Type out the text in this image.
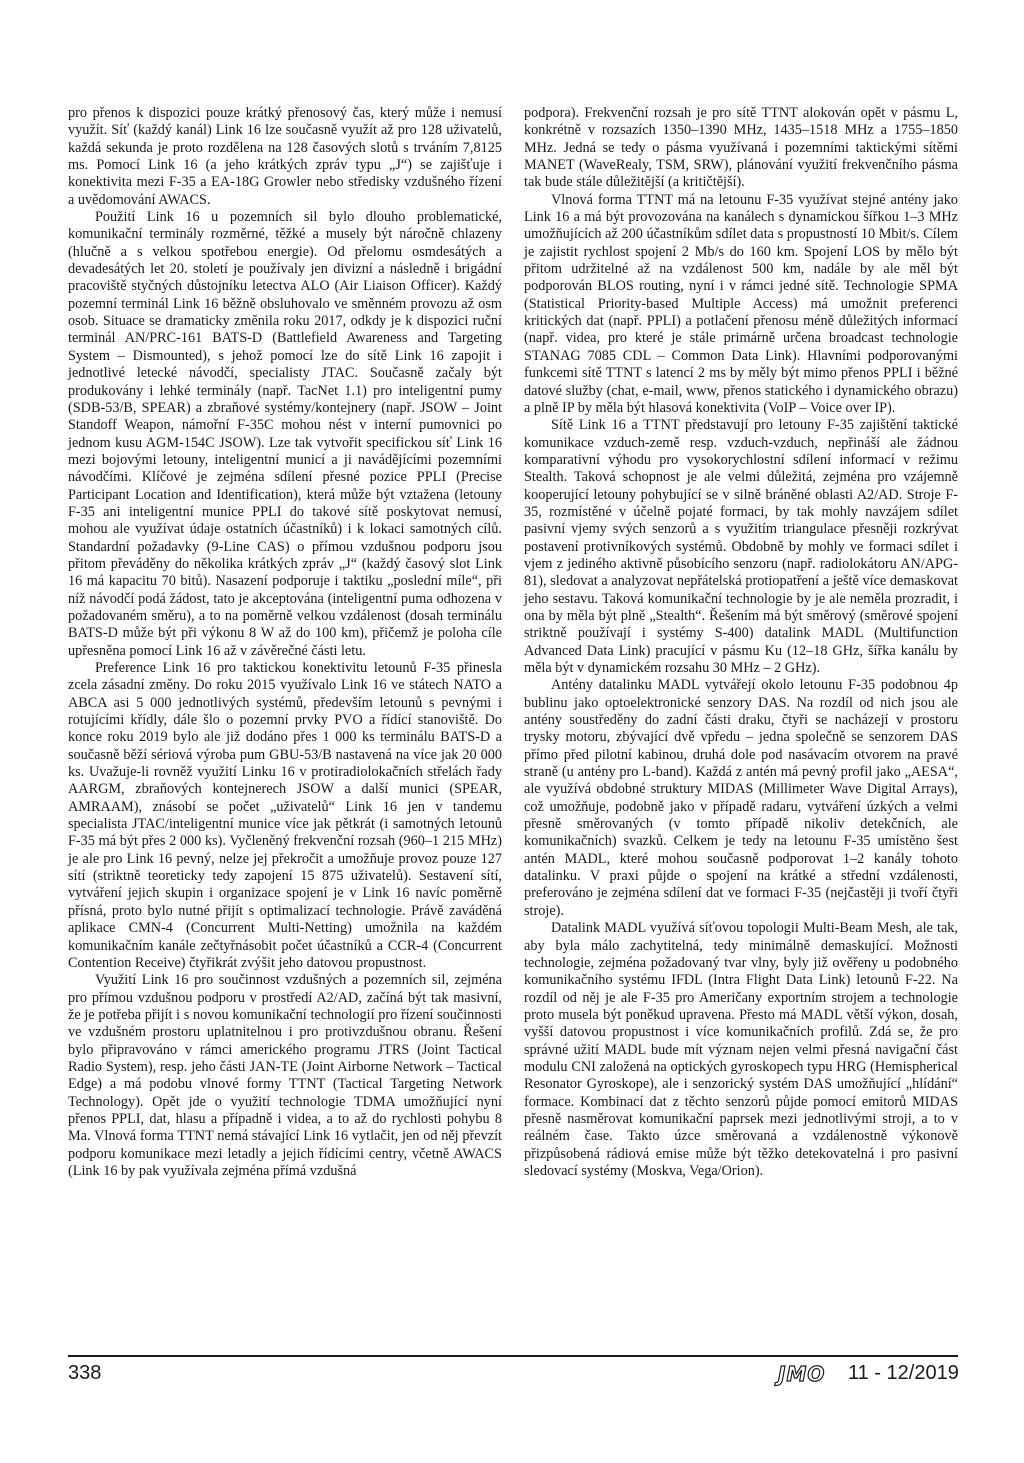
pro přenos k dispozici pouze krátký přenosový čas, který může i nemusí využít. Síť (každý kanál) Link 16 lze současně využít až pro 128 uživatelů, každá sekunda je proto rozdělena na 128 časových slotů s trváním 7,8125 ms. Pomocí Link 16 (a jeho krátkých zpráv typu „J“) se zajišťuje i konektivita mezi F-35 a EA-18G Growler nebo středisky vzdušného řízení a uvědomování AWACS.

Použití Link 16 u pozemních sil bylo dlouho problematické, komunikační terminály rozměrné, těžké a musely být náročně chlazeny (hlučně a s velkou spotřebou energie). Od přelomu osmdesátých a devadesátých let 20. století je používaly jen divizní a následně i brigádní pracoviště styčných důstojníku letectva ALO (Air Liaison Officer). Každý pozemní terminál Link 16 běžně obsluhovalo ve směnném provozu až osm osob. Situace se dramaticky změnila roku 2017, odkdy je k dispozici ruční terminál AN/PRC-161 BATS-D (Battlefield Awareness and Targeting System – Dismounted), s jehož pomocí lze do sítě Link 16 zapojit i jednotlivé letecké návodčí, specialisty JTAC. Současně začaly být produkovány i lehké terminály (např. TacNet 1.1) pro inteligentní pumy (SDB-53/B, SPEAR) a zbraňové systémy/kontejnery (např. JSOW – Joint Standoff Weapon, námořní F-35C mohou nést v interní pumovnici po jednom kusu AGM-154C JSOW). Lze tak vytvořit specifickou síť Link 16 mezi bojovými letouny, inteligentní municí a ji navádějícími pozemními návodčími. Klíčové je zejména sdílení přesné pozice PPLI (Precise Participant Location and Identification), která může být vztažena (letouny F-35 ani inteligentní munice PPLI do takové sítě poskytovat nemusí, mohou ale využívat údaje ostatních účastníků) i k lokaci samotných cílů. Standardní požadavky (9-Line CAS) o přímou vzdušnou podporu jsou přitom převáděny do několika krátkých zpráv „J“ (každý časový slot Link 16 má kapacitu 70 bitů). Nasazení podporuje i taktiku „poslední míle“, při níž návodčí podá žádost, tato je akceptována (inteligentní puma odhozena v požadovaném směru), a to na poměrně velkou vzdálenost (dosah terminálu BATS-D může být při výkonu 8 W až do 100 km), přičemž je poloha cíle upřesněna pomocí Link 16 až v závěrečné části letu.

Preference Link 16 pro taktickou konektivitu letounů F-35 přinesla zcela zásadní změny. Do roku 2015 využívalo Link 16 ve státech NATO a ABCA asi 5 000 jednotlivých systémů, především letounů s pevnými i rotujícími křídly, dále šlo o pozemní prvky PVO a řídící stanoviště. Do konce roku 2019 bylo ale již dodáno přes 1 000 ks terminálu BATS-D a současně běží sériová výroba pum GBU-53/B nastavená na více jak 20 000 ks. Uvažuje-li rovněž využití Linku 16 v protiradiolokačních střelách řady AARGM, zbraňových kontejnerech JSOW a další munici (SPEAR, AMRAAM), znásobí se počet „uživatelů“ Link 16 jen v tandemu specialista JTAC/inteligentní munice více jak pětkrát (i samotných letounů F-35 má být přes 2 000 ks). Vyčleněný frekvenční rozsah (960–1 215 MHz) je ale pro Link 16 pevný, nelze jej překročit a umožňuje provoz pouze 127 sítí (striktně teoreticky tedy zapojení 15 875 uživatelů). Sestavení sítí, vytváření jejich skupin i organizace spojení je v Link 16 navíc poměrně přísná, proto bylo nutné přijít s optimalizací technologie. Právě zaváděná aplikace CMN-4 (Concurrent Multi-Netting) umožnila na každém komunikačním kanále zečtyřnásobit počet účastníků a CCR-4 (Concurrent Contention Receive) čtyřikrát zvýšit jeho datovou propustnost.

Využití Link 16 pro součinnost vzdušných a pozemních sil, zejména pro přímou vzdušnou podporu v prostředí A2/AD, začíná být tak masivní, že je potřeba přijít i s novou komunikační technologií pro řízení součinnosti ve vzdušném prostoru uplatnitelnou i pro protivzdušnou obranu. Řešení bylo připravováno v rámci amerického programu JTRS (Joint Tactical Radio System), resp. jeho části JAN-TE (Joint Airborne Network – Tactical Edge) a má podobu vlnové formy TTNT (Tactical Targeting Network Technology). Opět jde o využití technologie TDMA umožňující nyní přenos PPLI, dat, hlasu a případně i videa, a to až do rychlosti pohybu 8 Ma. Vlnová forma TTNT nemá stávající Link 16 vytlačit, jen od něj převzít podporu komunikace mezi letadly a jejich řídícími centry, včetně AWACS (Link 16 by pak využívala zejména přímá vzdušná

podpora). Frekvenční rozsah je pro sítě TTNT alokován opět v pásmu L, konkrétně v rozsazích 1350–1390 MHz, 1435–1518 MHz a 1755–1850 MHz. Jedná se tedy o pásma využívaná i pozemními taktickými sítěmi MANET (WaveRealy, TSM, SRW), plánování využití frekvenčního pásma tak bude stále důležitější (a kritičtější).

Vlnová forma TTNT má na letounu F-35 využívat stejné antény jako Link 16 a má být provozována na kanálech s dynamickou šířkou 1–3 MHz umožňujících až 200 účastníkům sdílet data s propustností 10 Mbit/s. Cílem je zajistit rychlost spojení 2 Mb/s do 160 km. Spojení LOS by mělo být přitom udržitelné až na vzdálenost 500 km, nadále by ale měl být podporován BLOS routing, nyní i v rámci jedné sítě. Technologie SPMA (Statistical Priority-based Multiple Access) má umožnit preferenci kritických dat (např. PPLI) a potlačení přenosu méně důležitých informací (např. videa, pro které je stále primárně určena broadcast technologie STANAG 7085 CDL – Common Data Link). Hlavními podporovanými funkcemi sítě TTNT s latencí 2 ms by měly být mimo přenos PPLI i běžné datové služby (chat, e-mail, www, přenos statického i dynamického obrazu) a plně IP by měla být hlasová konektivita (VoIP – Voice over IP).

Sítě Link 16 a TTNT představují pro letouny F-35 zajištění taktické komunikace vzduch-země resp. vzduch-vzduch, nepřináší ale žádnou komparativní výhodu pro vysokorychlostní sdílení informací v režimu Stealth. Taková schopnost je ale velmi důležitá, zejména pro vzájemně kooperující letouny pohybující se v silně bráněné oblasti A2/AD. Stroje F-35, rozmístěné v účelně pojaté formaci, by tak mohly navzájem sdílet pasivní vjemy svých senzorů a s využitím triangulace přesněji rozkrývat postavení protivníkových systémů. Obdobně by mohly ve formaci sdílet i vjem z jediného aktivně působícího senzoru (např. radiolokátoru AN/APG-81), sledovat a analyzovat nepřátelská protiopatření a ještě více demaskovat jeho sestavu. Taková komunikační technologie by je ale neměla prozradit, i ona by měla být plně „Stealth“. Řešením má být směrový (směrové spojení striktně používají i systémy S-400) datalink MADL (Multifunction Advanced Data Link) pracující v pásmu Ku (12–18 GHz, šířka kanálu by měla být v dynamickém rozsahu 30 MHz – 2 GHz).

Antény datalinku MADL vytvářejí okolo letounu F-35 podobnou 4p bublinu jako optoelektronické senzory DAS. Na rozdíl od nich jsou ale antény soustředěny do zadní části draku, čtyři se nacházejí v prostoru trysky motoru, zbývající dvě vpředu – jedna společně se senzorem DAS přímo před pilotní kabinou, druhá dole pod nasávacím otvorem na pravé straně (u antény pro L-band). Každá z antén má pevný profil jako „AESA“, ale využívá obdobné struktury MIDAS (Millimeter Wave Digital Arrays), což umožňuje, podobně jako v případě radaru, vytváření úzkých a velmi přesně směrovaných (v tomto případě nikoliv detekčních, ale komunikačních) svazků. Celkem je tedy na letounu F-35 umístěno šest antén MADL, které mohou současně podporovat 1–2 kanály tohoto datalinku. V praxi půjde o spojení na krátké a střední vzdálenosti, preferováno je zejména sdílení dat ve formaci F-35 (nejčastěji ji tvoří čtyři stroje).

Datalink MADL využívá síťovou topologii Multi-Beam Mesh, ale tak, aby byla málo zachytitelná, tedy minimálně demaskující. Možnosti technologie, zejména požadovaný tvar vlny, byly již ověřeny u podobného komunikačního systému IFDL (Intra Flight Data Link) letounů F-22. Na rozdíl od něj je ale F-35 pro Američany exportním strojem a technologie proto musela být poněkud upravena. Přesto má MADL větší výkon, dosah, vyšší datovou propustnost i více komunikačních profilů. Zdá se, že pro správné užití MADL bude mít význam nejen velmi přesná navigační část modulu CNI založená na optických gyroskopech typu HRG (Hemispherical Resonator Gyroskope), ale i senzorický systém DAS umožňující „hlídání“ formace. Kombinací dat z těchto senzorů půjde pomocí emitorů MIDAS přesně nasměrovat komunikační paprsek mezi jednotlivými stroji, a to v reálném čase. Takto úzce směrovaná a vzdálenostně výkonově přizpůsobená rádiová emise může být těžko detekovatelná i pro pasivní sledovací systémy (Moskva, Vega/Orion).

338	JMO 11 - 12/2019
